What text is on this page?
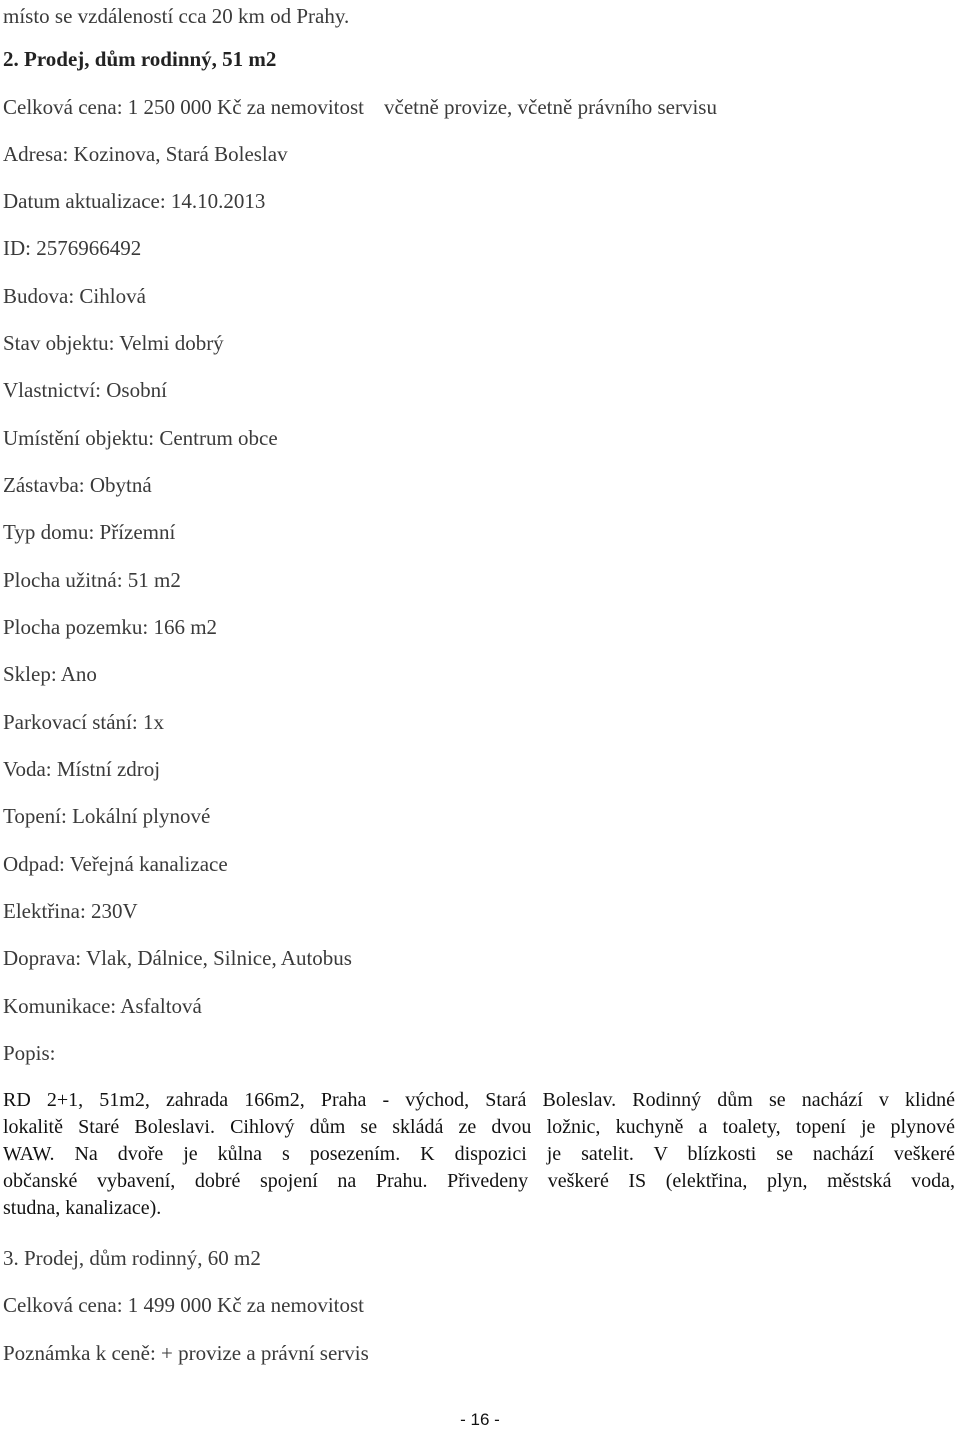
místo se vzdáleností cca 20 km od Prahy.
2. Prodej, dům rodinný, 51 m2
Celková cena: 1 250 000 Kč za nemovitost včetně provize, včetně právního servisu
Adresa: Kozinova, Stará Boleslav
Datum aktualizace: 14.10.2013
ID: 2576966492
Budova: Cihlová
Stav objektu: Velmi dobrý
Vlastnictví: Osobní
Umístění objektu: Centrum obce
Zástavba: Obytná
Typ domu: Přízemní
Plocha užitná: 51 m2
Plocha pozemku: 166 m2
Sklep: Ano
Parkovací stání: 1x
Voda: Místní zdroj
Topení: Lokální plynové
Odpad: Veřejná kanalizace
Elektřina: 230V
Doprava: Vlak, Dálnice, Silnice, Autobus
Komunikace: Asfaltová
Popis:
RD 2+1, 51m2, zahrada 166m2, Praha - východ, Stará Boleslav. Rodinný dům se nachází v klidné
lokalitě Staré Boleslavi. Cihlový dům se skládá ze dvou ložnic, kuchyně a toalety, topení je plynové
WAW. Na dvoře je kůlna s posezením. K dispozici je satelit. V blízkosti se nachází veškeré
občanské vybavení, dobré spojení na Prahu. Přivedeny veškeré IS (elektřina, plyn, městská voda,
studna, kanalizace).
3. Prodej, dům rodinný, 60 m2
Celková cena: 1 499 000 Kč za nemovitost
Poznámka k ceně: + provize a právní servis
- 16 -
